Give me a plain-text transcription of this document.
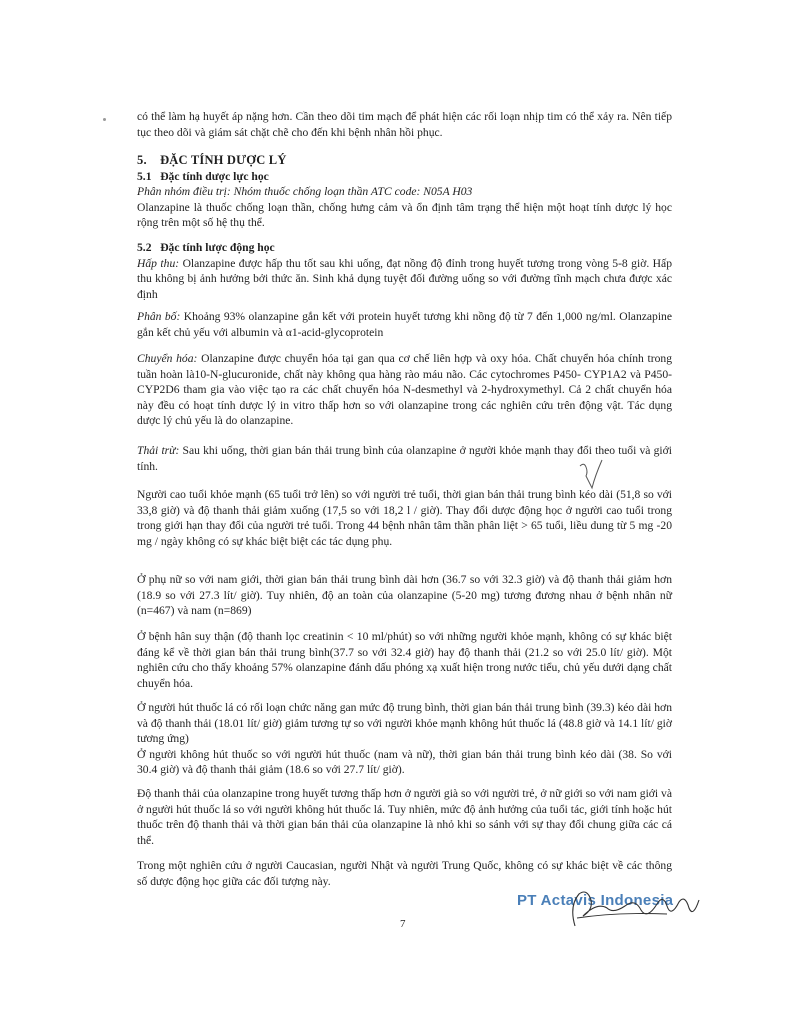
có thể làm hạ huyết áp nặng hơn. Cần theo dõi tim mạch để phát hiện các rối loạn nhịp tim có thể xảy ra. Nên tiếp tục theo dõi và giám sát chặt chẽ cho đến khi bệnh nhân hồi phục.

5.    ĐẶC TÍNH DƯỢC LÝ
5.1   Đặc tính dược lực học
Phân nhóm điều trị: Nhóm thuốc chống loạn thần ATC code: N05A H03

Olanzapine là thuốc chống loạn thần, chống hưng cảm và ổn định tâm trạng thể hiện một hoạt tính dược lý học rộng trên một số hệ thụ thể.

5.2   Đặc tính lược động học

Hấp thu: Olanzapine được hấp thu tốt sau khi uống, đạt nồng độ đỉnh trong huyết tương trong vòng 5-8 giờ. Hấp thu không bị ảnh hưởng bởi thức ăn. Sinh khả dụng tuyệt đối đường uống so với đường tĩnh mạch chưa được xác định

Phân bố: Khoảng 93% olanzapine gắn kết với protein huyết tương khi nồng độ từ 7 đến 1,000 ng/ml. Olanzapine gắn kết chủ yếu với albumin và α1-acid-glycoprotein

Chuyển hóa: Olanzapine được chuyển hóa tại gan qua cơ chế liên hợp và oxy hóa. Chất chuyển hóa chính trong tuần hoàn là10-N-glucuronide, chất này không qua hàng rào máu não. Các cytochromes P450- CYP1A2 và P450-CYP2D6 tham gia vào việc tạo ra các chất chuyển hóa N-desmethyl và 2-hydroxymethyl. Cả 2 chất chuyển hóa này đều có hoạt tính dược lý in vitro thấp hơn so với olanzapine trong các nghiên cứu trên động vật. Tác dụng dược lý chủ yếu là do olanzapine.

Thải trừ: Sau khi uống, thời gian bán thải trung bình của olanzapine ở người khỏe mạnh thay đổi theo tuổi và giới tính.

Người cao tuổi khỏe mạnh (65 tuổi trở lên) so với người trẻ tuổi, thời gian bán thải trung bình kéo dài (51,8 so với 33,8 giờ) và độ thanh thải giảm xuống (17,5 so với 18,2 l / giờ). Thay đổi dược động học ở người cao tuổi trong trong giới hạn thay đổi của người trẻ tuổi. Trong 44 bệnh nhân tâm thần phân liệt > 65 tuổi, liều dung từ 5 mg -20 mg / ngày không có sự khác biệt biệt các tác dụng phụ.

Ở phụ nữ so với nam giới, thời gian bán thải trung bình dài hơn (36.7 so với 32.3 giờ) và độ thanh thải giảm hơn (18.9 so với 27.3 lít/ giờ). Tuy nhiên, độ an toàn của olanzapine (5-20 mg) tương đương nhau ở bệnh nhân nữ (n=467) và nam (n=869)

Ở bệnh hân suy thận (độ thanh lọc creatinin < 10 ml/phút) so với những người khỏe mạnh, không có sự khác biệt đáng kể về thời gian bán thải trung bình(37.7 so với 32.4 giờ) hay độ thanh thải (21.2 so với 25.0 lít/ giờ). Một nghiên cứu cho thấy khoảng 57% olanzapine đánh dấu phóng xạ xuất hiện trong nước tiểu, chủ yếu dưới dạng chất chuyển hóa.

Ở người hút thuốc lá có rối loạn chức năng gan mức độ trung bình, thời gian bán thải trung bình (39.3) kéo dài hơn và độ thanh thải (18.01 lít/ giờ) giảm tương tự so với người khỏe mạnh không hút thuốc lá (48.8 giờ và 14.1 lít/ giờ tương ứng)

Ở người không hút thuốc so với người hút thuốc (nam và nữ), thời gian bán thải trung bình kéo dài (38. So với 30.4 giờ) và độ thanh thải giảm (18.6 so với 27.7 lít/ giờ).

Độ thanh thải của olanzapine trong huyết tương thấp hơn ở người già so với người trẻ, ở nữ giới so với nam giới và ở người hút thuốc lá so với người không hút thuốc lá. Tuy nhiên, mức độ ảnh hưởng của tuổi tác, giới tính hoặc hút thuốc trên độ thanh thải và thời gian bán thải của olanzapine là nhỏ khi so sánh với sự thay đổi chung giữa các cá thể.

Trong một nghiên cứu ở người Caucasian, người Nhật và người Trung Quốc, không có sự khác biệt về các thông số dược động học giữa các đối tượng này.

PT Actavis Indonesia
7
